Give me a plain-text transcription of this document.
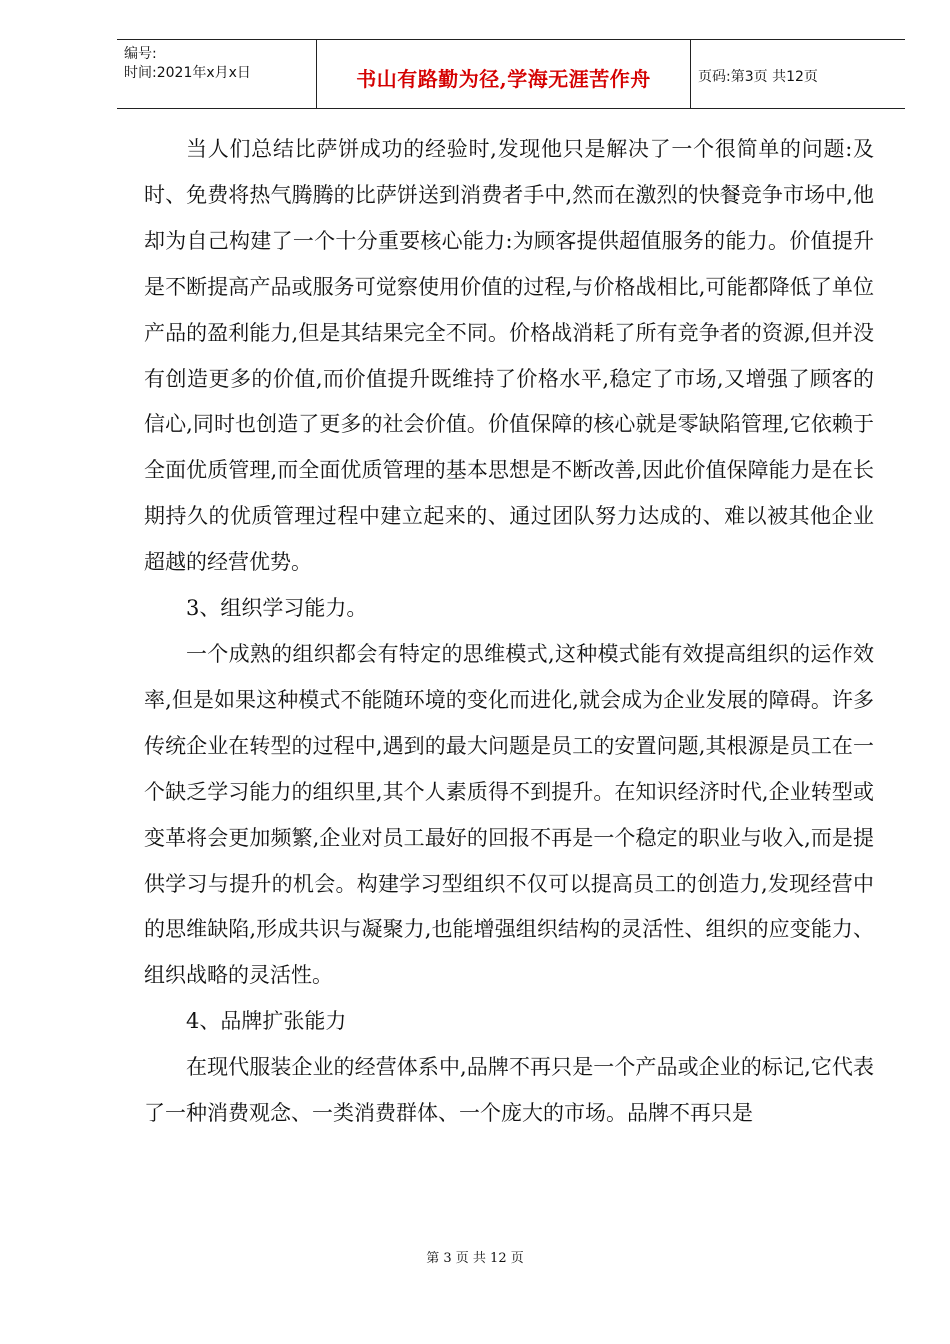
编号:
时间:2021年x月x日	书山有路勤为径,学海无涯苦作舟	页码:第3页 共12页

当人们总结比萨饼成功的经验时,发现他只是解决了一个很简单的问题:及时、免费将热气腾腾的比萨饼送到消费者手中,然而在激烈的快餐竞争市场中,他却为自己构建了一个十分重要核心能力:为顾客提供超值服务的能力。价值提升是不断提高产品或服务可觉察使用价值的过程,与价格战相比,可能都降低了单位产品的盈利能力,但是其结果完全不同。价格战消耗了所有竞争者的资源,但并没有创造更多的价值,而价值提升既维持了价格水平,稳定了市场,又增强了顾客的信心,同时也创造了更多的社会价值。价值保障的核心就是零缺陷管理,它依赖于全面优质管理,而全面优质管理的基本思想是不断改善,因此价值保障能力是在长期持久的优质管理过程中建立起来的、通过团队努力达成的、难以被其他企业超越的经营优势。

3、组织学习能力。

一个成熟的组织都会有特定的思维模式,这种模式能有效提高组织的运作效率,但是如果这种模式不能随环境的变化而进化,就会成为企业发展的障碍。许多传统企业在转型的过程中,遇到的最大问题是员工的安置问题,其根源是员工在一个缺乏学习能力的组织里,其个人素质得不到提升。在知识经济时代,企业转型或变革将会更加频繁,企业对员工最好的回报不再是一个稳定的职业与收入,而是提供学习与提升的机会。构建学习型组织不仅可以提高员工的创造力,发现经营中的思维缺陷,形成共识与凝聚力,也能增强组织结构的灵活性、组织的应变能力、组织战略的灵活性。

4、品牌扩张能力

在现代服装企业的经营体系中,品牌不再只是一个产品或企业的标记,它代表了一种消费观念、一类消费群体、一个庞大的市场。品牌不再只是

第 3 页 共 12 页
